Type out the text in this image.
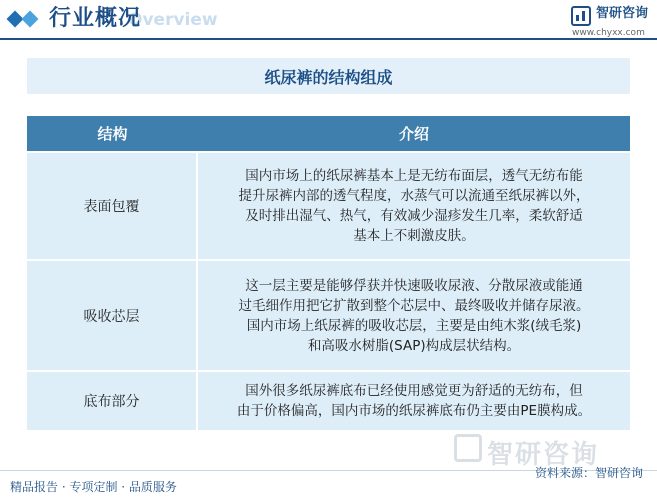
Overview
行业概况	智研咨询
www.chyxx.com
纸尿裤的结构组成
结构	介绍
表面包覆
国内市场上的纸尿裤基本上是无纺布面层，透气无纺布能
提升尿裤内部的透气程度，水蒸气可以流通至纸尿裤以外，
及时排出湿气、热气，有效减少湿疹发生几率，柔软舒适
基本上不刺激皮肤。
吸收芯层
这一层主要是能够俘获并快速吸收尿液、分散尿液或能通
过毛细作用把它扩散到整个芯层中、最终吸收并储存尿液。
国内市场上纸尿裤的吸收芯层，主要是由纯木浆(绒毛浆)
和高吸水树脂(SAP)构成层状结构。
底布部分
国外很多纸尿裤底布已经使用感觉更为舒适的无纺布，但
由于价格偏高，国内市场的纸尿裤底布仍主要由PE膜构成。
智研咨询
精品报告 · 专项定制 · 品质服务
资料来源：智研咨询
